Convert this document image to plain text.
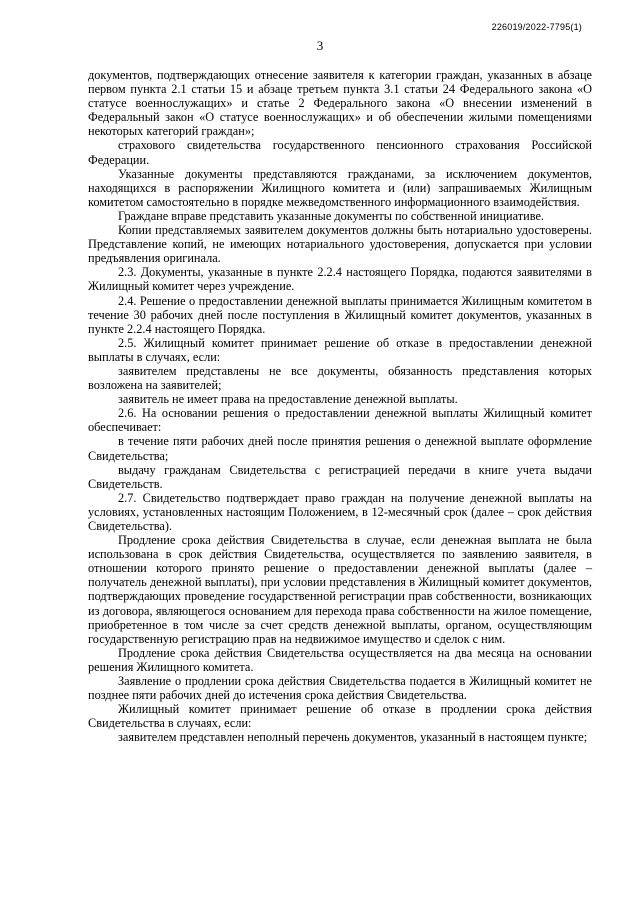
226019/2022-7795(1)
3

документов, подтверждающих отнесение заявителя к категории граждан, указанных в абзаце первом пункта 2.1 статьи 15 и абзаце третьем пункта 3.1 статьи 24 Федерального закона «О статусе военнослужащих» и статье 2 Федерального закона «О внесении изменений в Федеральный закон «О статусе военнослужащих» и об обеспечении жилыми помещениями некоторых категорий граждан»;

страхового свидетельства государственного пенсионного страхования Российской Федерации.

Указанные документы представляются гражданами, за исключением документов, находящихся в распоряжении Жилищного комитета и (или) запрашиваемых Жилищным комитетом самостоятельно в порядке межведомственного информационного взаимодействия.

Граждане вправе представить указанные документы по собственной инициативе.

Копии представляемых заявителем документов должны быть нотариально удостоверены. Представление копий, не имеющих нотариального удостоверения, допускается при условии предъявления оригинала.

2.3. Документы, указанные в пункте 2.2.4 настоящего Порядка, подаются заявителями в Жилищный комитет через учреждение.

2.4. Решение о предоставлении денежной выплаты принимается Жилищным комитетом в течение 30 рабочих дней после поступления в Жилищный комитет документов, указанных в пункте 2.2.4 настоящего Порядка.

2.5. Жилищный комитет принимает решение об отказе в предоставлении денежной выплаты в случаях, если:

заявителем представлены не все документы, обязанность представления которых возложена на заявителей;

заявитель не имеет права на предоставление денежной выплаты.

2.6. На основании решения о предоставлении денежной выплаты Жилищный комитет обеспечивает:

в течение пяти рабочих дней после принятия решения о денежной выплате оформление Свидетельства;

выдачу гражданам Свидетельства с регистрацией передачи в книге учета выдачи Свидетельств.

2.7. Свидетельство подтверждает право граждан на получение денежной выплаты на условиях, установленных настоящим Положением, в 12-месячный срок (далее – срок действия Свидетельства).

Продление срока действия Свидетельства в случае, если денежная выплата не была использована в срок действия Свидетельства, осуществляется по заявлению заявителя, в отношении которого принято решение о предоставлении денежной выплаты (далее – получатель денежной выплаты), при условии представления в Жилищный комитет документов, подтверждающих проведение государственной регистрации прав собственности, возникающих из договора, являющегося основанием для перехода права собственности на жилое помещение, приобретенное в том числе за счет средств денежной выплаты, органом, осуществляющим государственную регистрацию прав на недвижимое имущество и сделок с ним.

Продление срока действия Свидетельства осуществляется на два месяца на основании решения Жилищного комитета.

Заявление о продлении срока действия Свидетельства подается в Жилищный комитет не позднее пяти рабочих дней до истечения срока действия Свидетельства.

Жилищный комитет принимает решение об отказе в продлении срока действия Свидетельства в случаях, если:

заявителем представлен неполный перечень документов, указанный в настоящем пункте;
